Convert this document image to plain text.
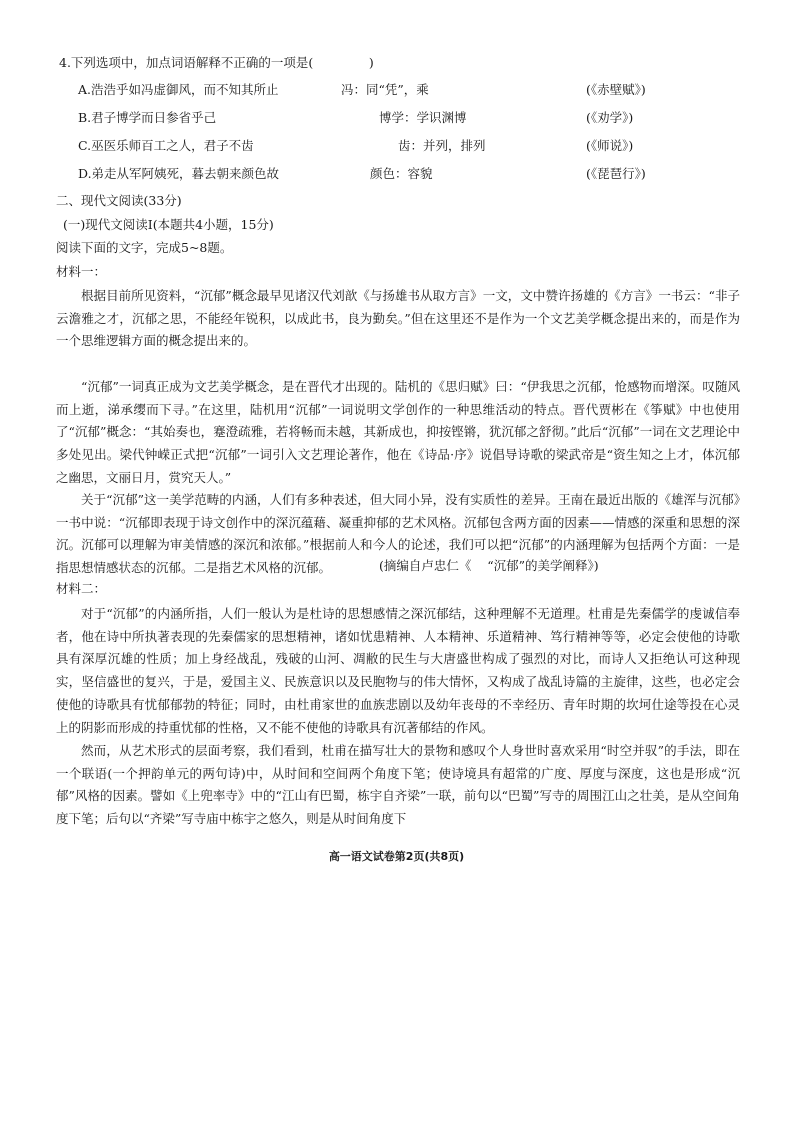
4.下列选项中，加点词语解释不正确的一项是(              )
A.浩浩乎如冯虚御风，而不知其所止	冯：同“凭”，乘	(《赤壁赋》)
B.君子博学而日参省乎己	博学：学识渊博	(《劝学》)
C.巫医乐师百工之人，君子不齿	齿：并列，排列	(《师说》)
D.弟走从军阿姨死，暮去朝来颜色故	颜色：容貌	(《琵琶行》)
二、现代文阅读(33分)
(一)现代文阅读Ⅰ(本题共4小题，15分)
阅读下面的文字，完成5~8题。
材料一：
根据目前所见资料，“沉郁”概念最早见诸汉代刘歆《与扬雄书从取方言》一文，文中赞许扬雄的《方言》一书云：“非子云澹雅之才，沉郁之思，不能经年锐积，以成此书，良为勤矣。”但在这里还不是作为一个文艺美学概念提出来的，而是作为一个思维逻辑方面的概念提出来的。
“沉郁”一词真正成为文艺美学概念，是在晋代才出现的。陆机的《思归赋》曰：“伊我思之沉郁，怆感物而增深。叹随风而上逝，涕承缨而下寻。”在这里，陆机用“沉郁”一词说明文学创作的一种思维活动的特点。晋代贾彬在《筝赋》中也使用了“沉郁”概念：“其始奏也，蹇澄疏雅，若将畅而未越，其新成也，抑按铿锵，犹沉郁之舒彻。”此后“沉郁”一词在文艺理论中多处见出。梁代钟嵘正式把“沉郁”一词引入文艺理论著作，他在《诗品·序》说倡导诗歌的梁武帝是“资生知之上才，体沉郁之幽思，文丽日月，赏究天人。”
关于“沉郁”这一美学范畴的内涵，人们有多种表述，但大同小异，没有实质性的差异。王南在最近出版的《雄浑与沉郁》一书中说：“沉郁即表现于诗文创作中的深沉蕴藉、凝重抑郁的艺术风格。沉郁包含两方面的因素——情感的深重和思想的深沉。沉郁可以理解为审美情感的深沉和浓郁。”根据前人和今人的论述，我们可以把“沉郁”的内涵理解为包括两个方面：一是指思想情感状态的沉郁。二是指艺术风格的沉郁。	(摘编自卢忠仁《    “沉郁”的美学阐释》)
材料二：
对于“沉郁”的内涵所指，人们一般认为是杜诗的思想感情之深沉郁结，这种理解不无道理。杜甫是先秦儒学的虔诚信奉者，他在诗中所执著表现的先秦儒家的思想精神，诸如忧患精神、人本精神、乐道精神、笃行精神等等，必定会使他的诗歌具有深厚沉雄的性质；加上身经战乱，残破的山河、凋敝的民生与大唐盛世构成了强烈的对比，而诗人又拒绝认可这种现实，坚信盛世的复兴，于是，爱国主义、民族意识以及民胞物与的伟大情怀，又构成了战乱诗篇的主旋律，这些，也必定会使他的诗歌具有忧郁郁勃的特征；同时，由杜甫家世的血族悲剧以及幼年丧母的不幸经历、青年时期的坎坷仕途等投在心灵上的阴影而形成的持重忧郁的性格，又不能不使他的诗歌具有沉著郁结的作风。
然而，从艺术形式的层面考察，我们看到，杜甫在描写壮大的景物和感叹个人身世时喜欢采用“时空并驭”的手法，即在一个联语(一个押韵单元的两句诗)中，从时间和空间两个角度下笔；使诗境具有超常的广度、厚度与深度，这也是形成“沉郁”风格的因素。譬如《上兜率寺》中的“江山有巴蜀，栋宇自齐梁”一联，前句以“巴蜀”写寺的周围江山之壮美，是从空间角度下笔；后句以“齐梁”写寺庙中栋宇之悠久，则是从时间角度下
高一语文试卷第2页(共8页)
